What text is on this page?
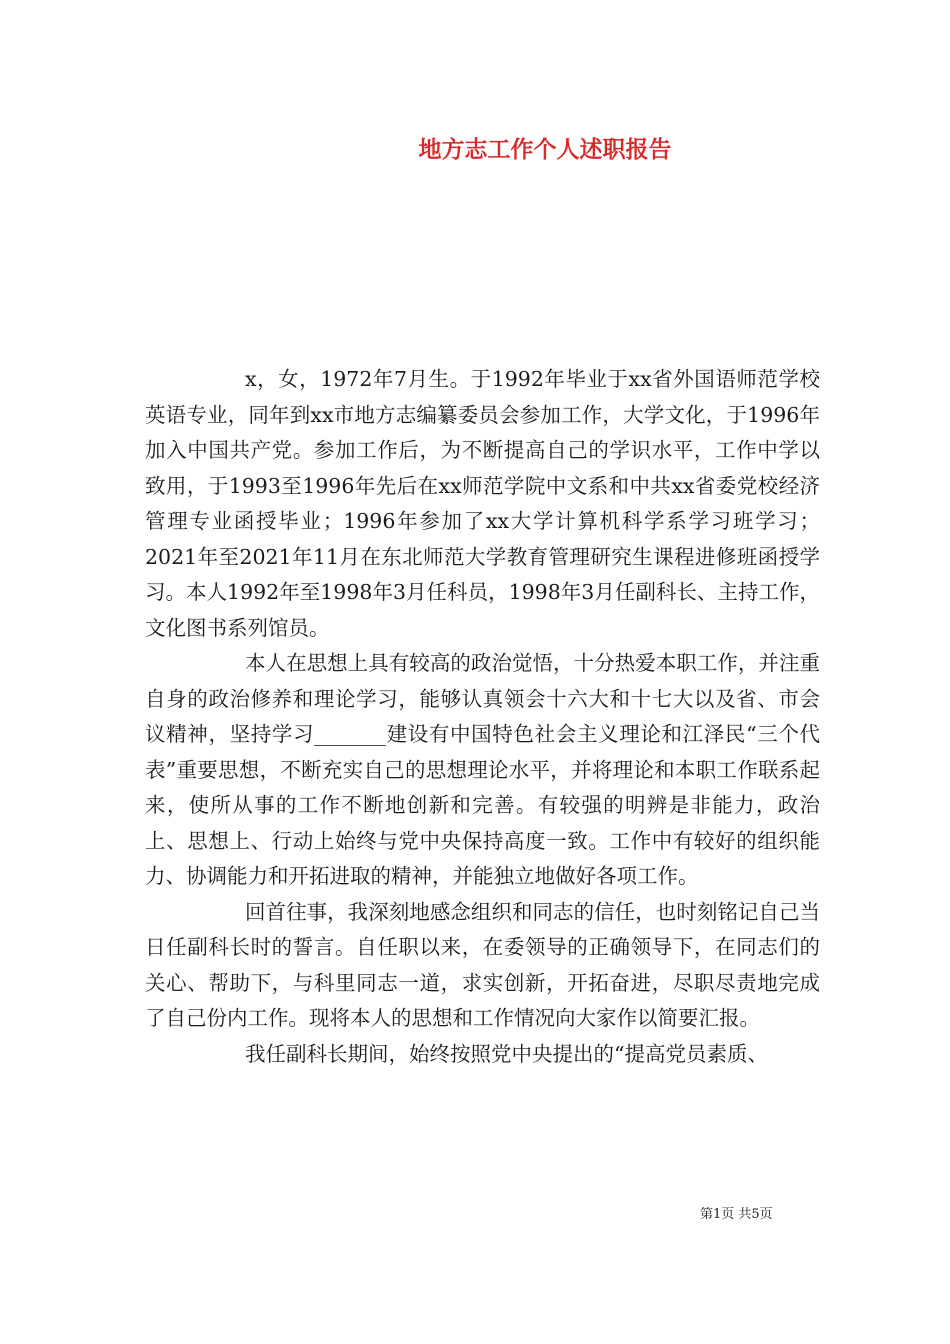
地方志工作个人述职报告

x，女，1972年7月生。于1992年毕业于xx省外国语师范学校英语专业，同年到xx市地方志编纂委员会参加工作，大学文化，于1996年加入中国共产党。参加工作后，为不断提高自己的学识水平，工作中学以致用，于1993至1996年先后在xx师范学院中文系和中共xx省委党校经济管理专业函授毕业；1996年参加了xx大学计算机科学系学习班学习；2021年至2021年11月在东北师范大学教育管理研究生课程进修班函授学习。本人1992年至1998年3月任科员，1998年3月任副科长、主持工作，文化图书系列馆员。

本人在思想上具有较高的政治觉悟，十分热爱本职工作，并注重自身的政治修养和理论学习，能够认真领会十六大和十七大以及省、市会议精神，坚持学习_______建设有中国特色社会主义理论和江泽民“三个代表”重要思想，不断充实自己的思想理论水平，并将理论和本职工作联系起来，使所从事的工作不断地创新和完善。有较强的明辨是非能力，政治上、思想上、行动上始终与党中央保持高度一致。工作中有较好的组织能力、协调能力和开拓进取的精神，并能独立地做好各项工作。

回首往事，我深刻地感念组织和同志的信任，也时刻铭记自己当日任副科长时的誓言。自任职以来，在委领导的正确领导下，在同志们的关心、帮助下，与科里同志一道，求实创新，开拓奋进，尽职尽责地完成了自己份内工作。现将本人的思想和工作情况向大家作以简要汇报。

我任副科长期间，始终按照党中央提出的“提高党员素质、

第1页 共5页
